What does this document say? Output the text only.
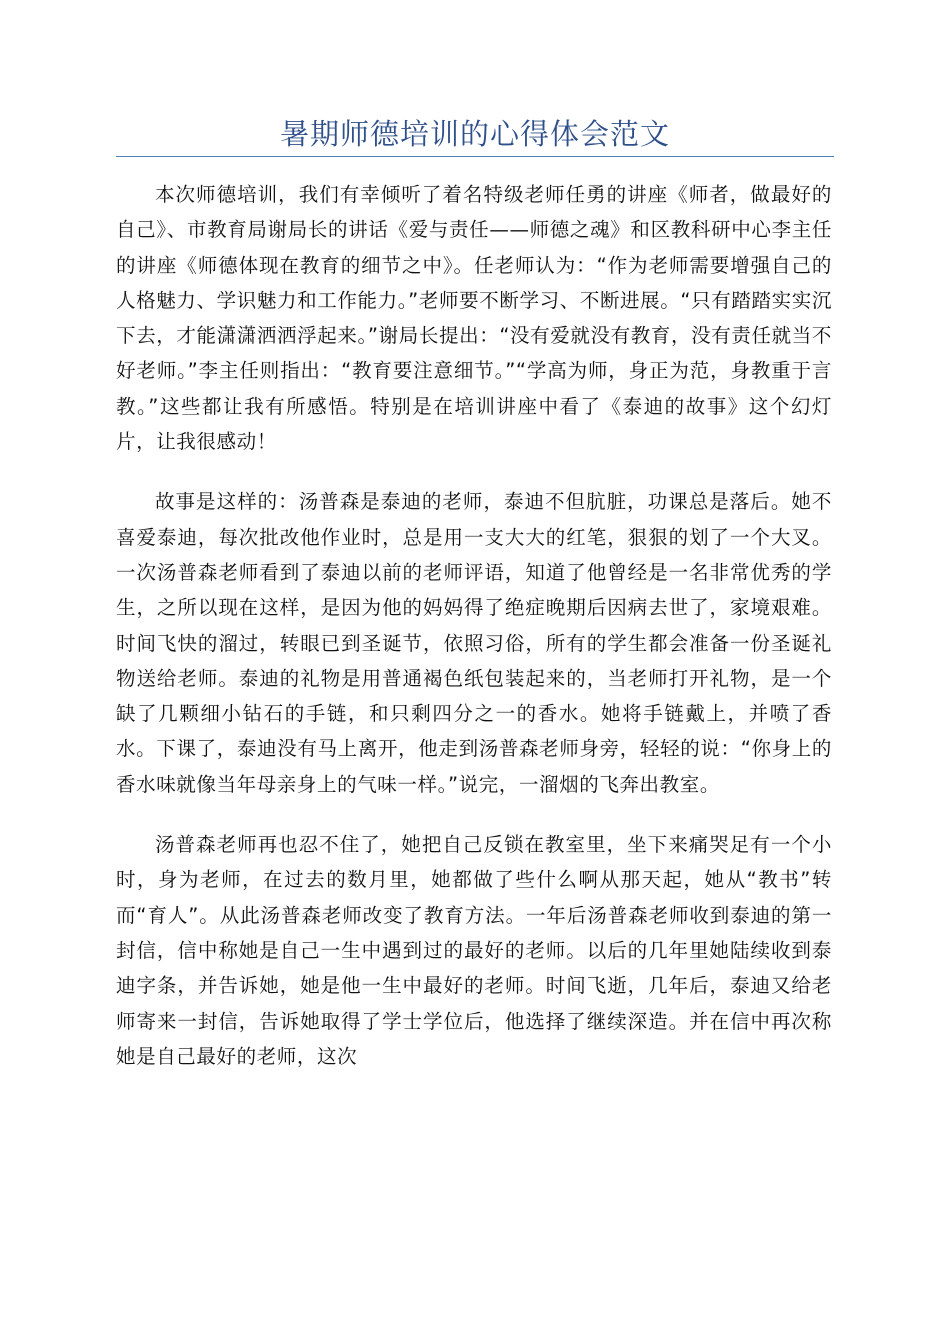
暑期师德培训的心得体会范文

本次师德培训，我们有幸倾听了着名特级老师任勇的讲座《师者，做最好的自己》、市教育局谢局长的讲话《爱与责任——师德之魂》和区教科研中心李主任的讲座《师德体现在教育的细节之中》。任老师认为：“作为老师需要增强自己的人格魅力、学识魅力和工作能力。”老师要不断学习、不断进展。“只有踏踏实实沉下去，才能潇潇洒洒浮起来。”谢局长提出：“没有爱就没有教育，没有责任就当不好老师。”李主任则指出：“教育要注意细节。”“学高为师，身正为范，身教重于言教。”这些都让我有所感悟。特别是在培训讲座中看了《泰迪的故事》这个幻灯片，让我很感动！

故事是这样的：汤普森是泰迪的老师，泰迪不但肮脏，功课总是落后。她不喜爱泰迪，每次批改他作业时，总是用一支大大的红笔，狠狠的划了一个大叉。一次汤普森老师看到了泰迪以前的老师评语，知道了他曾经是一名非常优秀的学生，之所以现在这样，是因为他的妈妈得了绝症晚期后因病去世了，家境艰难。时间飞快的溜过，转眼已到圣诞节，依照习俗，所有的学生都会准备一份圣诞礼物送给老师。泰迪的礼物是用普通褐色纸包装起来的，当老师打开礼物，是一个缺了几颗细小钻石的手链，和只剩四分之一的香水。她将手链戴上，并喷了香水。下课了，泰迪没有马上离开，他走到汤普森老师身旁，轻轻的说：“你身上的香水味就像当年母亲身上的气味一样。”说完，一溜烟的飞奔出教室。

汤普森老师再也忍不住了，她把自己反锁在教室里，坐下来痛哭足有一个小时，身为老师，在过去的数月里，她都做了些什么啊从那天起，她从“教书”转而“育人”。从此汤普森老师改变了教育方法。一年后汤普森老师收到泰迪的第一封信，信中称她是自己一生中遇到过的最好的老师。以后的几年里她陆续收到泰迪字条，并告诉她，她是他一生中最好的老师。时间飞逝，几年后，泰迪又给老师寄来一封信，告诉她取得了学士学位后，他选择了继续深造。并在信中再次称她是自己最好的老师，这次
